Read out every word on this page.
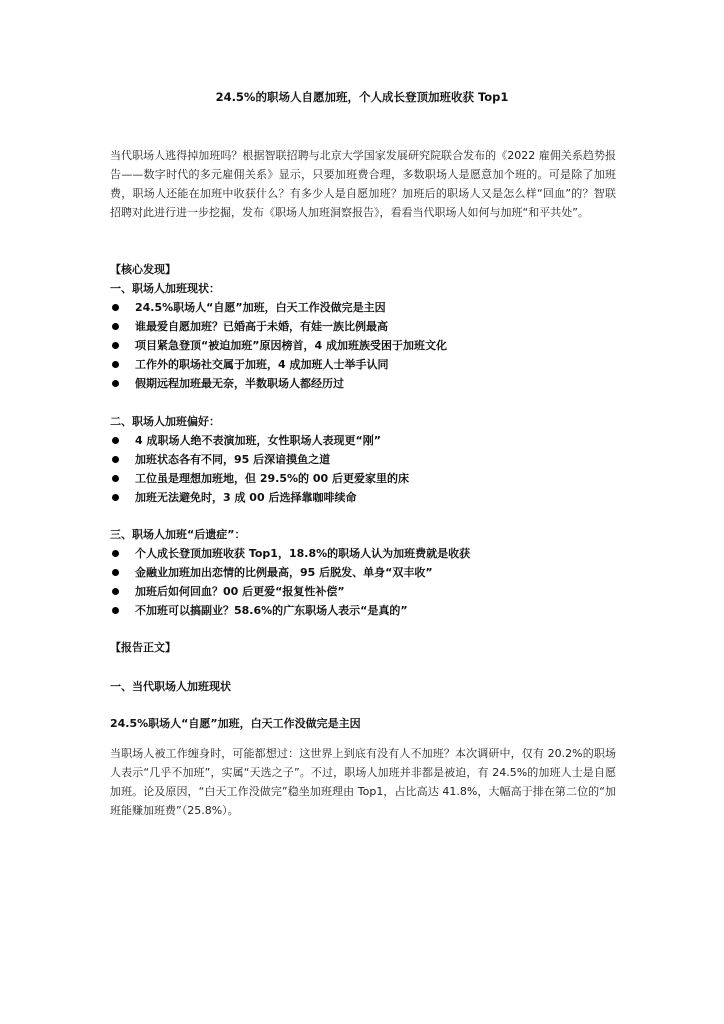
24.5%的职场人自愿加班，个人成长登顶加班收获 Top1

当代职场人逃得掉加班吗？根据智联招聘与北京大学国家发展研究院联合发布的《2022 雇佣关系趋势报告——数字时代的多元雇佣关系》显示，只要加班费合理，多数职场人是愿意加个班的。可是除了加班费，职场人还能在加班中收获什么？有多少人是自愿加班？加班后的职场人又是怎么样“回血”的？智联招聘对此进行进一步挖掘，发布《职场人加班洞察报告》，看看当代职场人如何与加班“和平共处”。

【核心发现】

一、职场人加班现状：

24.5%职场人“自愿”加班，白天工作没做完是主因
谁最爱自愿加班？已婚高于未婚，有娃一族比例最高
项目紧急登顶“被迫加班”原因榜首，4 成加班族受困于加班文化
工作外的职场社交属于加班，4 成加班人士举手认同
假期远程加班最无奈，半数职场人都经历过

二、职场人加班偏好：

4 成职场人绝不表演加班，女性职场人表现更“刚”
加班状态各有不同，95 后深谙摸鱼之道
工位虽是理想加班地，但 29.5%的 00 后更爱家里的床
加班无法避免时，3 成 00 后选择靠咖啡续命

三、职场人加班“后遗症”：

个人成长登顶加班收获 Top1，18.8%的职场人认为加班费就是收获
金融业加班加出恋情的比例最高，95 后脱发、单身“双丰收”
加班后如何回血？00 后更爱“报复性补偿”
不加班可以搞副业？58.6%的广东职场人表示“是真的”

【报告正文】

一、当代职场人加班现状

24.5%职场人“自愿”加班，白天工作没做完是主因

当职场人被工作缠身时，可能都想过：这世界上到底有没有人不加班？本次调研中，仅有 20.2%的职场人表示“几乎不加班”，实属“天选之子”。不过，职场人加班并非都是被迫，有 24.5%的加班人士是自愿加班。论及原因，“白天工作没做完”稳坐加班理由 Top1，占比高达 41.8%，大幅高于排在第二位的“加班能赚加班费”（25.8%）。
